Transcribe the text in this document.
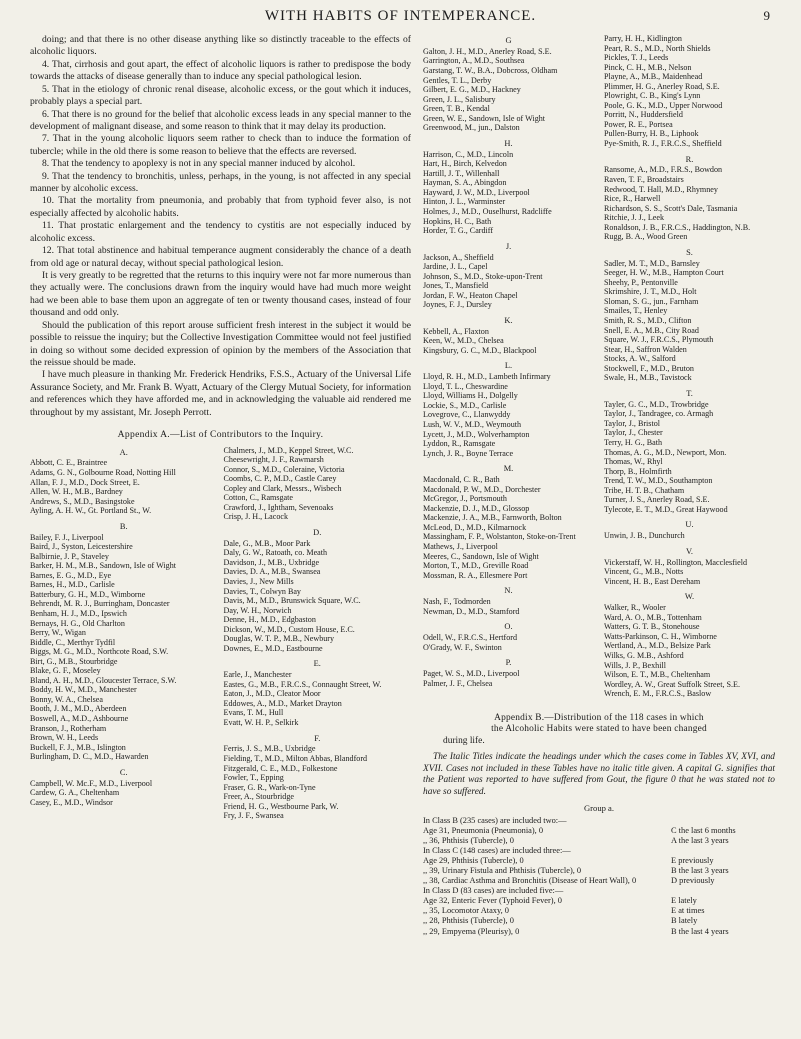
WITH HABITS OF INTEMPERANCE.	9

doing; and that there is no other disease anything like so distinctly traceable to the effects of alcoholic liquors.

4. That, cirrhosis and gout apart, the effect of alcoholic liquors is rather to predispose the body towards the attacks of disease generally than to induce any special pathological lesion.

5. That in the etiology of chronic renal disease, alcoholic excess, or the gout which it induces, probably plays a special part.

6. That there is no ground for the belief that alcoholic excess leads in any special manner to the development of malignant disease, and some reason to think that it may delay its production.

7. That in the young alcoholic liquors seem rather to check than to induce the formation of tubercle; while in the old there is some reason to believe that the effects are reversed.

8. That the tendency to apoplexy is not in any special manner induced by alcohol.

9. That the tendency to bronchitis, unless, perhaps, in the young, is not affected in any special manner by alcoholic excess.

10. That the mortality from pneumonia, and probably that from typhoid fever also, is not especially affected by alcoholic habits.

11. That prostatic enlargement and the tendency to cystitis are not especially induced by alcoholic excess.

12. That total abstinence and habitual temperance augment considerably the chance of a death from old age or natural decay, without special pathological lesion.

It is very greatly to be regretted that the returns to this inquiry were not far more numerous than they actually were. The conclusions drawn from the inquiry would have had much more weight had we been able to base them upon an aggregate of ten or twenty thousand cases, instead of four thousand and odd only.

Should the publication of this report arouse sufficient fresh interest in the subject it would be possible to reissue the inquiry; but the Collective Investigation Committee would not feel justified in doing so without some decided expression of opinion by the members of the Association that the reissue should be made.

I have much pleasure in thanking Mr. Frederick Hendriks, F.S.S., Actuary of the Universal Life Assurance Society, and Mr. Frank B. Wyatt, Actuary of the Clergy Mutual Society, for information and references which they have afforded me, and in acknowledging the valuable aid rendered me throughout by my assistant, Mr. Joseph Perrott.

Appendix A.—List of Contributors to the Inquiry.
A.
Abbott, C. E., Braintree
Adams, G. N., Golbourne Road, Notting Hill
Allan, F. J., M.D., Dock Street, E.
Allen, W. H., M.B., Bardney
Andrews, S., M.D., Basingstoke
Ayling, A. H. W., Gt. Portland St., W.
B.
Bailey, F. J., Liverpool
Baird, J., Syston, Leicestershire
Balbirnie, J. P., Staveley
Barker, H. M., M.B., Sandown, Isle of Wight
Barnes, E. G., M.D., Eye
Barnes, H., M.D., Carlisle
Batterbury, G. H., M.D., Wimborne
Behrendt, M. R. J., Burringham, Doncaster
Benham, H. J., M.D., Ipswich
Bernays, H. G., Old Charlton
Berry, W., Wigan
Biddle, C., Merthyr Tydfil
Biggs, M. G., M.D., Northcote Road, S.W.
Birt, G., M.B., Stourbridge
Blake, G. F., Moseley
Bland, A. H., M.D., Gloucester Terrace, S.W.
Boddy, H. W., M.D., Manchester
Bonny, W. A., Chelsea
Booth, J. M., M.D., Aberdeen
Boswell, A., M.D., Ashbourne
Branson, J., Rotherham
Brown, W. H., Leeds
Buckell, F. J., M.B., Islington
Burlingham, D. C., M.D., Hawarden
C.
Campbell, W. Mc.F., M.D., Liverpool
Cardew, G. A., Cheltenham
Casey, E., M.D., Windsor
Chalmers, J., M.D., Keppel Street, W.C.
Cheesewright, J. F., Rawmarsh
Connor, S., M.D., Coleraine, Victoria
Coombs, C. P., M.D., Castle Carey
Copley and Clark, Messrs., Wisbech
Cotton, C., Ramsgate
Crawford, J., Ightham, Sevenoaks
Crisp, J. H., Lacock
D.
Dale, G., M.B., Moor Park
Daly, G. W., Ratoath, co. Meath
Davidson, J., M.B., Uxbridge
Davies, D. A., M.B., Swansea
Davies, J., New Mills
Davies, T., Colwyn Bay
Davis, M., M.D., Brunswick Square, W.C.
Day, W. H., Norwich
Denne, H., M.D., Edgbaston
Dickson, W., M.D., Custom House, E.C.
Douglas, W. T. P., M.B., Newbury
Downes, E., M.D., Eastbourne
E.
Earle, J., Manchester
Eastes, G., M.B., F.R.C.S., Connaught Street, W.
Eaton, J., M.D., Cleator Moor
Eddowes, A., M.D., Market Drayton
Evans, T. M., Hull
Evatt, W. H. P., Selkirk
F.
Ferris, J. S., M.B., Uxbridge
Fielding, T., M.D., Milton Abbas, Blandford
Fitzgerald, C. E., M.D., Folkestone
Fowler, T., Epping
Fraser, G. R., Wark-on-Tyne
Freer, A., Stourbridge
Friend, H. G., Westbourne Park, W.
Fry, J. F., Swansea
G
Galton, J. H., M.D., Anerley Road, S.E.
Garrington, A., M.D., Southsea
Garstang, T. W., B.A., Dobcross, Oldham
Gentles, T. L., Derby
Gilbert, E. G., M.D., Hackney
Green, J. L., Salisbury
Green, T. B., Kendal
Green, W. E., Sandown, Isle of Wight
Greenwood, M., jun., Dalston
H.
Harrison, C., M.D., Lincoln
Hart, H., Birch, Kelvedon
Hartill, J. T., Willenhall
Hayman, S. A., Abingdon
Hayward, J. W., M.D., Liverpool
Hinton, J. L., Warminster
Holmes, J., M.D., Ouselhurst, Radcliffe
Hopkins, H. C., Bath
Horder, T. G., Cardiff
J.
Jackson, A., Sheffield
Jardine, J. L., Capel
Johnson, S., M.D., Stoke-upon-Trent
Jones, T., Mansfield
Jordan, F. W., Heaton Chapel
Joynes, F. J., Dursley
K.
Kebbell, A., Flaxton
Keen, W., M.D., Chelsea
Kingsbury, G. C., M.D., Blackpool
L.
Lloyd, R. H., M.D., Lambeth Infirmary
Lloyd, T. L., Cheswardine
Lloyd, Williams H., Dolgelly
Lockie, S., M.D., Carlisle
Lovegrove, C., Llanwyddy
Lush, W. V., M.D., Weymouth
Lycett, J., M.D., Wolverhampton
Lyddon, R., Ramsgate
Lynch, J. R., Boyne Terrace
M.
Macdonald, C. R., Bath
Macdonald, P. W., M.D., Dorchester
McGregor, J., Portsmouth
Mackenzie, D. J., M.D., Glossop
Mackenzie, J. A., M.B., Farnworth, Bolton
McLeod, D., M.D., Kilmarnock
Massingham, F. P., Wolstanton, Stoke-on-Trent
Mathews, J., Liverpool
Meeres, C., Sandown, Isle of Wight
Morton, T., M.D., Greville Road
Mossman, R. A., Ellesmere Port
N.
Nash, F., Todmorden
Newman, D., M.D., Stamford
O.
Odell, W., F.R.C.S., Hertford
O'Grady, W. F., Swinton
P.
Paget, W. S., M.D., Liverpool
Palmer, J. F., Chelsea
Parry, H. H., Kidlington
Peart, R. S., M.D., North Shields
Pickles, T. J., Leeds
Pinck, C. H., M.B., Nelson
Playne, A., M.B., Maidenhead
Plimmer, H. G., Anerley Road, S.E.
Plowright, C. B., King's Lynn
Poole, G. K., M.D., Upper Norwood
Porritt, N., Huddersfield
Power, R. E., Portsea
Pullen-Burry, H. B., Liphook
Pye-Smith, R. J., F.R.C.S., Sheffield
R.
Ransome, A., M.D., F.R.S., Bowdon
Raven, T. F., Broadstairs
Redwood, T. Hall, M.D., Rhymney
Rice, R., Harwell
Richardson, S. S., Scott's Dale, Tasmania
Ritchie, J. J., Leek
Ronaldson, J. B., F.R.C.S., Haddington, N.B.
Rugg, B. A., Wood Green
S.
Sadler, M. T., M.D., Barnsley
Seeger, H. W., M.B., Hampton Court
Sheehy, P., Pentonville
Skrimshire, J. T., M.D., Holt
Sloman, S. G., jun., Farnham
Smailes, T., Henley
Smith, R. S., M.D., Clifton
Snell, E. A., M.B., City Road
Square, W. J., F.R.C.S., Plymouth
Stear, H., Saffron Walden
Stocks, A. W., Salford
Stockwell, F., M.D., Bruton
Swale, H., M.B., Tavistock
T.
Tayler, G. C., M.D., Trowbridge
Taylor, J., Tandragee, co. Armagh
Taylor, J., Bristol
Taylor, J., Chester
Terry, H. G., Bath
Thomas, A. G., M.D., Newport, Mon.
Thomas, W., Rhyl
Thorp, B., Holmfirth
Trend, T. W., M.D., Southampton
Tribe, H. T. B., Chatham
Turner, J. S., Anerley Road, S.E.
Tylecote, E. T., M.D., Great Haywood
U.
Unwin, J. B., Dunchurch
V.
Vickerstaff, W. H., Rollington, Macclesfield
Vincent, G., M.B., Notts
Vincent, H. B., East Dereham
W.
Walker, R., Wooler
Ward, A. O., M.B., Tottenham
Watters, G. T. B., Stonehouse
Watts-Parkinson, C. H., Wimborne
Wertland, A., M.D., Belsize Park
Wilks, G. M.B., Ashford
Wills, J. P., Bexhill
Wilson, E. T., M.B., Cheltenham
Wordley, A. W., Great Suffolk Street, S.E.
Wrench, E. M., F.R.C.S., Baslow
Appendix B.—Distribution of the 118 cases in which
the Alcoholic Habits were stated to have been changed
during life.

The Italic Titles indicate the headings under which the cases come in Tables XV, XVI, and XVII. Cases not included in these Tables have no italic title given. A capital G. signifies that the Patient was reported to have suffered from Gout, the figure 0 that he was stated not to have so suffered.

Group a.
In Class B (235 cases) are included two:—
Age 31, Pneumonia (Pneumonia), 0	C the last 6 months
,, 36, Phthisis (Tubercle), 0	A the last 3 years
In Class C (148 cases) are included three:—
Age 29, Phthisis (Tubercle), 0	E previously
,, 39, Urinary Fistula and Phthisis (Tubercle), 0	B the last 3 years
,, 38, Cardiac Asthma and Bronchitis (Disease of Heart Wall), 0	D previously
In Class D (83 cases) are included five:—
Age 32, Enteric Fever (Typhoid Fever), 0	E lately
,, 35, Locomotor Ataxy, 0	E at times
,, 28, Phthisis (Tubercle), 0	B lately
,, 29, Empyema (Pleurisy), 0	B the last 4 years
